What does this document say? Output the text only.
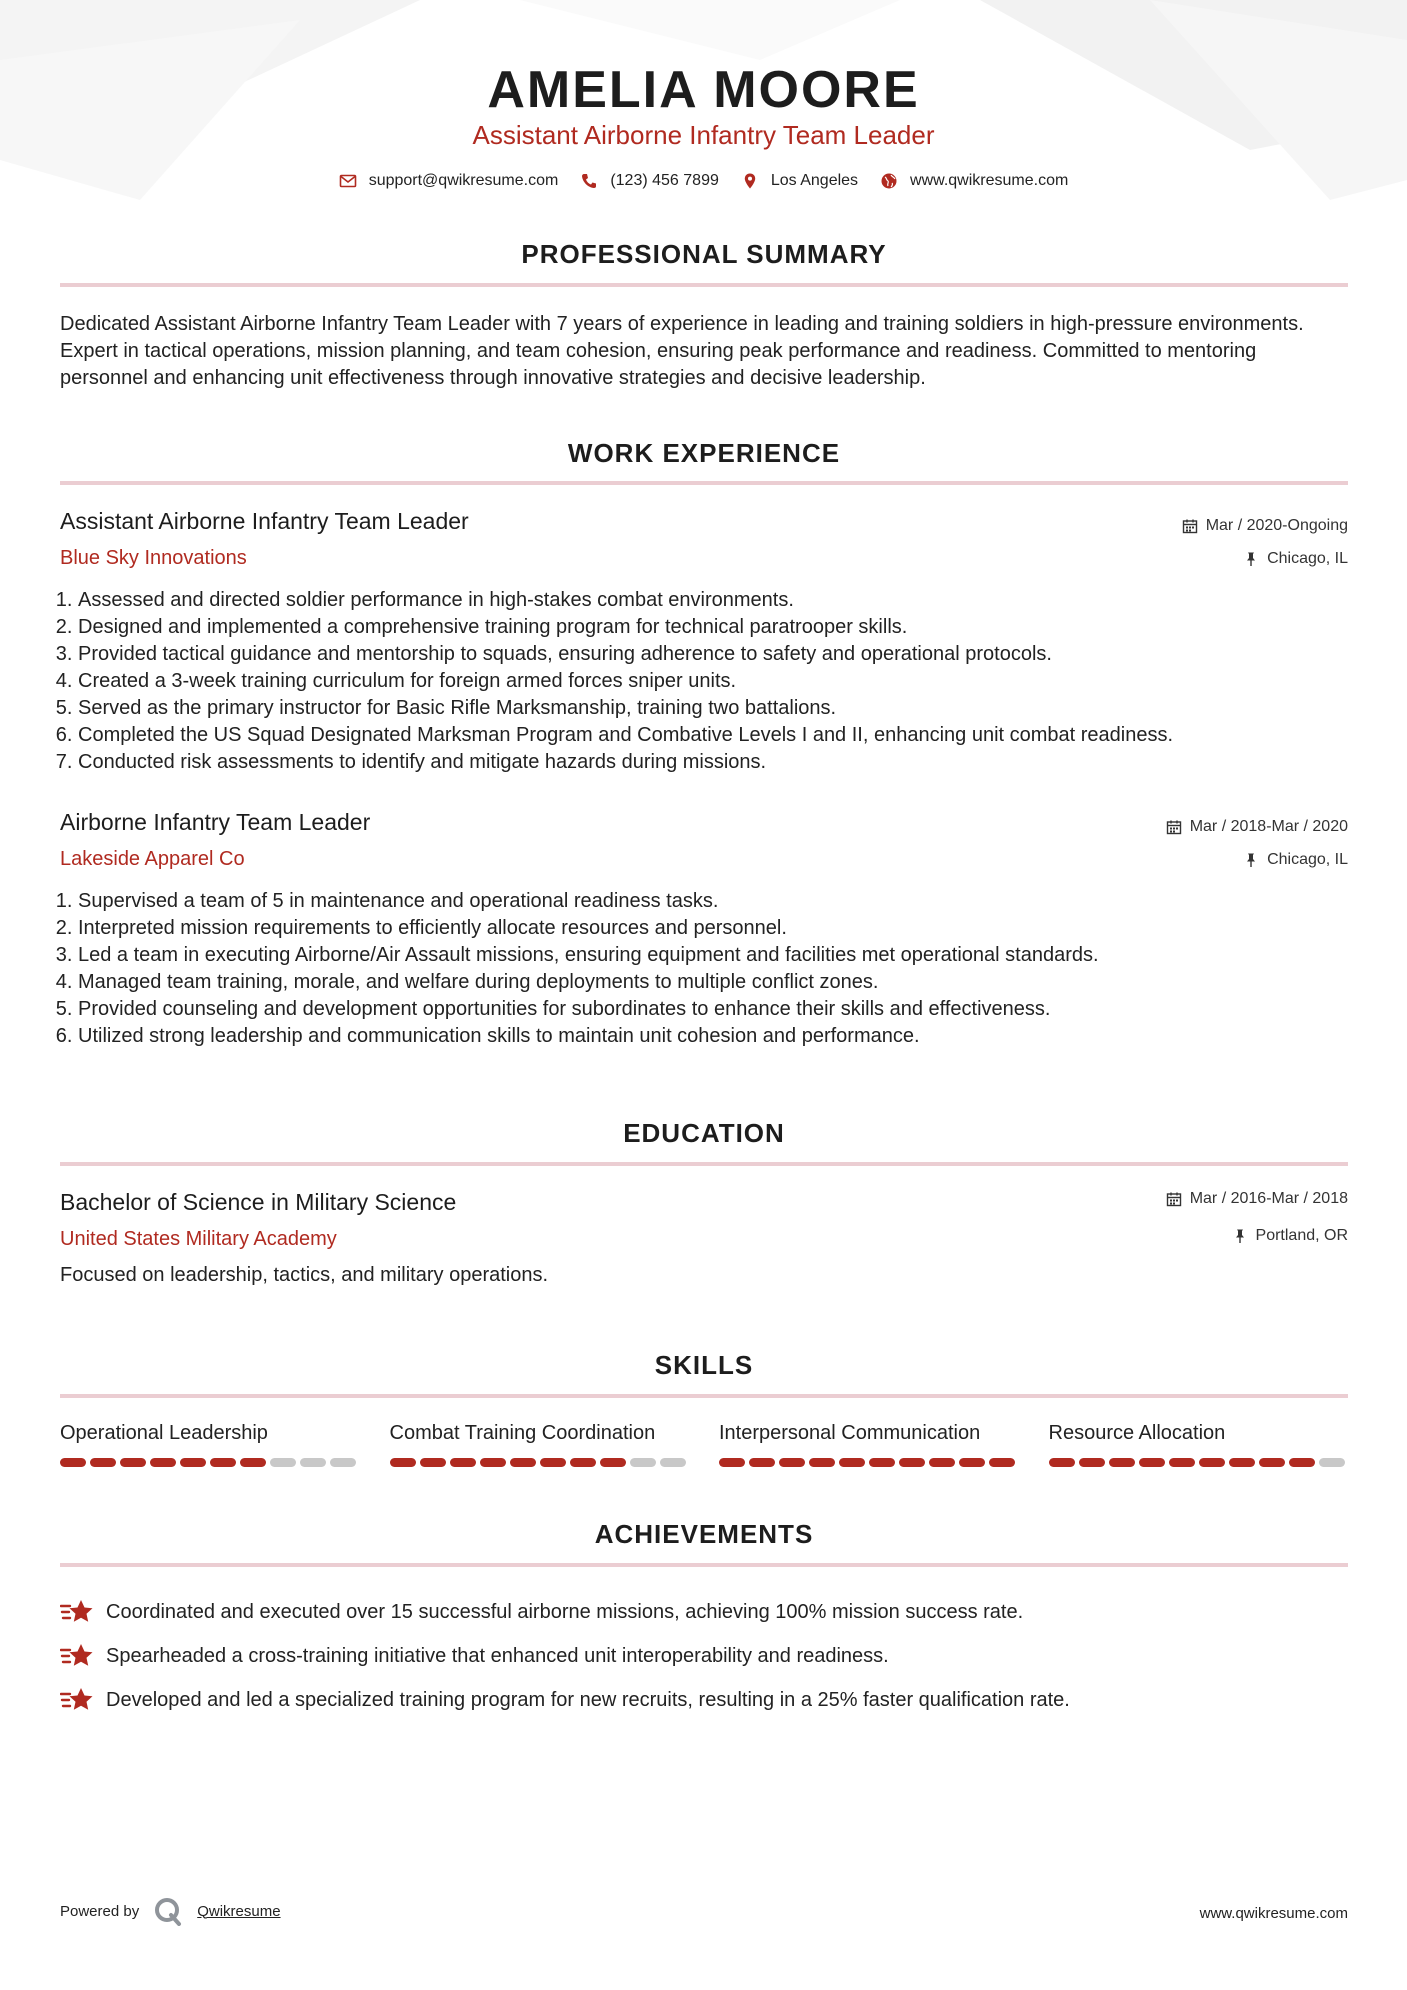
AMELIA MOORE
Assistant Airborne Infantry Team Leader
support@qwikresume.com	(123) 456 7899	Los Angeles	www.qwikresume.com
PROFESSIONAL SUMMARY
Dedicated Assistant Airborne Infantry Team Leader with 7 years of experience in leading and training soldiers in high-pressure environments. Expert in tactical operations, mission planning, and team cohesion, ensuring peak performance and readiness. Committed to mentoring personnel and enhancing unit effectiveness through innovative strategies and decisive leadership.
WORK EXPERIENCE
Assistant Airborne Infantry Team Leader
Blue Sky Innovations
Mar / 2020-Ongoing
Chicago, IL
1. Assessed and directed soldier performance in high-stakes combat environments.
2. Designed and implemented a comprehensive training program for technical paratrooper skills.
3. Provided tactical guidance and mentorship to squads, ensuring adherence to safety and operational protocols.
4. Created a 3-week training curriculum for foreign armed forces sniper units.
5. Served as the primary instructor for Basic Rifle Marksmanship, training two battalions.
6. Completed the US Squad Designated Marksman Program and Combative Levels I and II, enhancing unit combat readiness.
7. Conducted risk assessments to identify and mitigate hazards during missions.
Airborne Infantry Team Leader
Lakeside Apparel Co
Mar / 2018-Mar / 2020
Chicago, IL
1. Supervised a team of 5 in maintenance and operational readiness tasks.
2. Interpreted mission requirements to efficiently allocate resources and personnel.
3. Led a team in executing Airborne/Air Assault missions, ensuring equipment and facilities met operational standards.
4. Managed team training, morale, and welfare during deployments to multiple conflict zones.
5. Provided counseling and development opportunities for subordinates to enhance their skills and effectiveness.
6. Utilized strong leadership and communication skills to maintain unit cohesion and performance.
EDUCATION
Bachelor of Science in Military Science
United States Military Academy
Mar / 2016-Mar / 2018
Portland, OR
Focused on leadership, tactics, and military operations.
SKILLS
Operational Leadership	Combat Training Coordination	Interpersonal Communication	Resource Allocation
ACHIEVEMENTS
Coordinated and executed over 15 successful airborne missions, achieving 100% mission success rate.
Spearheaded a cross-training initiative that enhanced unit interoperability and readiness.
Developed and led a specialized training program for new recruits, resulting in a 25% faster qualification rate.
Powered by	Qwikresume	www.qwikresume.com
